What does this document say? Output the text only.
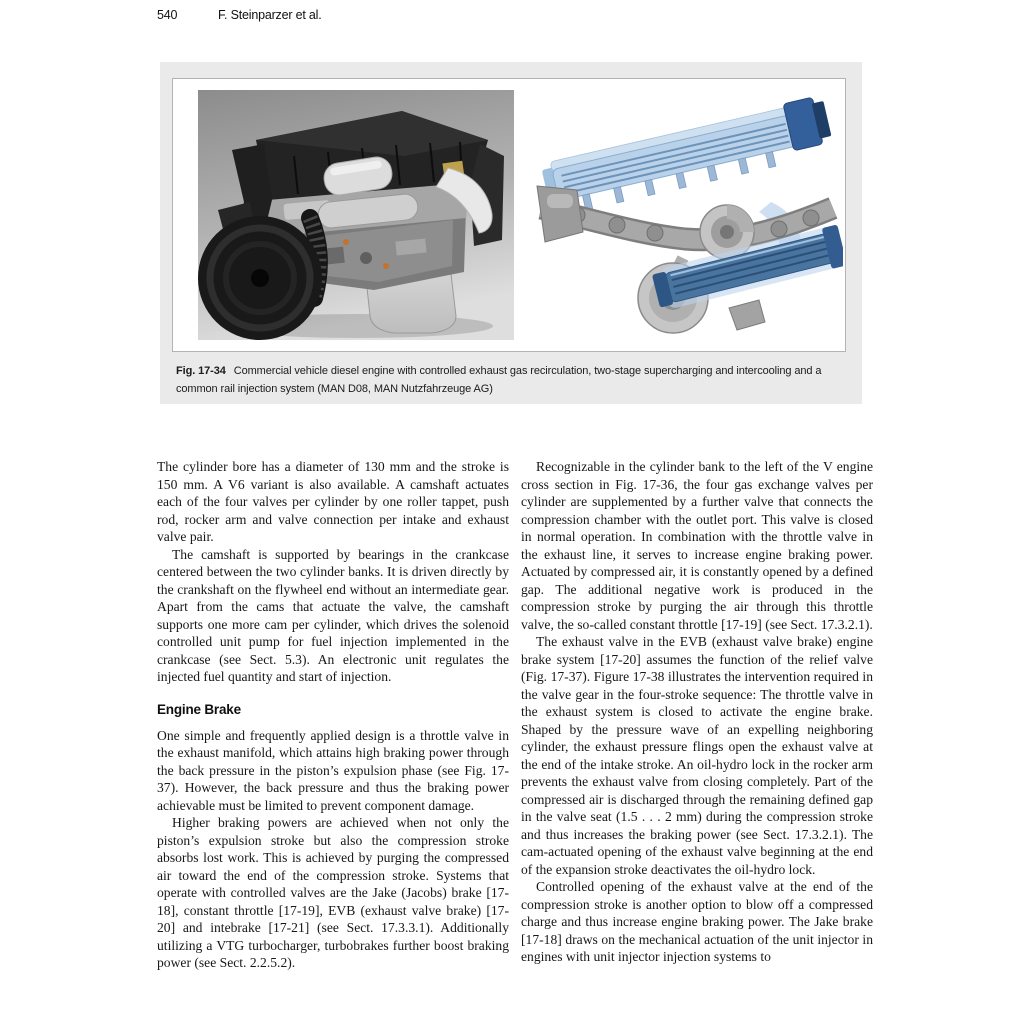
540	F. Steinparzer et al.
Fig. 17-34 Commercial vehicle diesel engine with controlled exhaust gas recirculation, two-stage supercharging and intercooling and a common rail injection system (MAN D08, MAN Nutzfahrzeuge AG)

The cylinder bore has a diameter of 130 mm and the stroke is 150 mm. A V6 variant is also available. A camshaft actuates each of the four valves per cylinder by one roller tappet, push rod, rocker arm and valve connection per intake and exhaust valve pair.

The camshaft is supported by bearings in the crankcase centered between the two cylinder banks. It is driven directly by the crankshaft on the flywheel end without an intermediate gear. Apart from the cams that actuate the valve, the camshaft supports one more cam per cylinder, which drives the solenoid controlled unit pump for fuel injection implemented in the crankcase (see Sect. 5.3). An electronic unit regulates the injected fuel quantity and start of injection.

Engine Brake

One simple and frequently applied design is a throttle valve in the exhaust manifold, which attains high braking power through the back pressure in the piston’s expulsion phase (see Fig. 17-37). However, the back pressure and thus the braking power achievable must be limited to prevent component damage.

Higher braking powers are achieved when not only the piston’s expulsion stroke but also the compression stroke absorbs lost work. This is achieved by purging the compressed air toward the end of the compression stroke. Systems that operate with controlled valves are the Jake (Jacobs) brake [17-18], constant throttle [17-19], EVB (exhaust valve brake) [17-20] and intebrake [17-21] (see Sect. 17.3.3.1). Additionally utilizing a VTG turbocharger, turbobrakes further boost braking power (see Sect. 2.2.5.2).

Recognizable in the cylinder bank to the left of the V engine cross section in Fig. 17-36, the four gas exchange valves per cylinder are supplemented by a further valve that connects the compression chamber with the outlet port. This valve is closed in normal operation. In combination with the throttle valve in the exhaust line, it serves to increase engine braking power. Actuated by compressed air, it is constantly opened by a defined gap. The additional negative work is produced in the compression stroke by purging the air through this throttle valve, the so-called constant throttle [17-19] (see Sect. 17.3.2.1).

The exhaust valve in the EVB (exhaust valve brake) engine brake system [17-20] assumes the function of the relief valve (Fig. 17-37). Figure 17-38 illustrates the intervention required in the valve gear in the four-stroke sequence: The throttle valve in the exhaust system is closed to activate the engine brake. Shaped by the pressure wave of an expelling neighboring cylinder, the exhaust pressure flings open the exhaust valve at the end of the intake stroke. An oil-hydro lock in the rocker arm prevents the exhaust valve from closing completely. Part of the compressed air is discharged through the remaining defined gap in the valve seat (1.5 . . . 2 mm) during the compression stroke and thus increases the braking power (see Sect. 17.3.2.1). The cam-actuated opening of the exhaust valve beginning at the end of the expansion stroke deactivates the oil-hydro lock.

Controlled opening of the exhaust valve at the end of the compression stroke is another option to blow off a compressed charge and thus increase engine braking power. The Jake brake [17-18] draws on the mechanical actuation of the unit injector in engines with unit injector injection systems to
